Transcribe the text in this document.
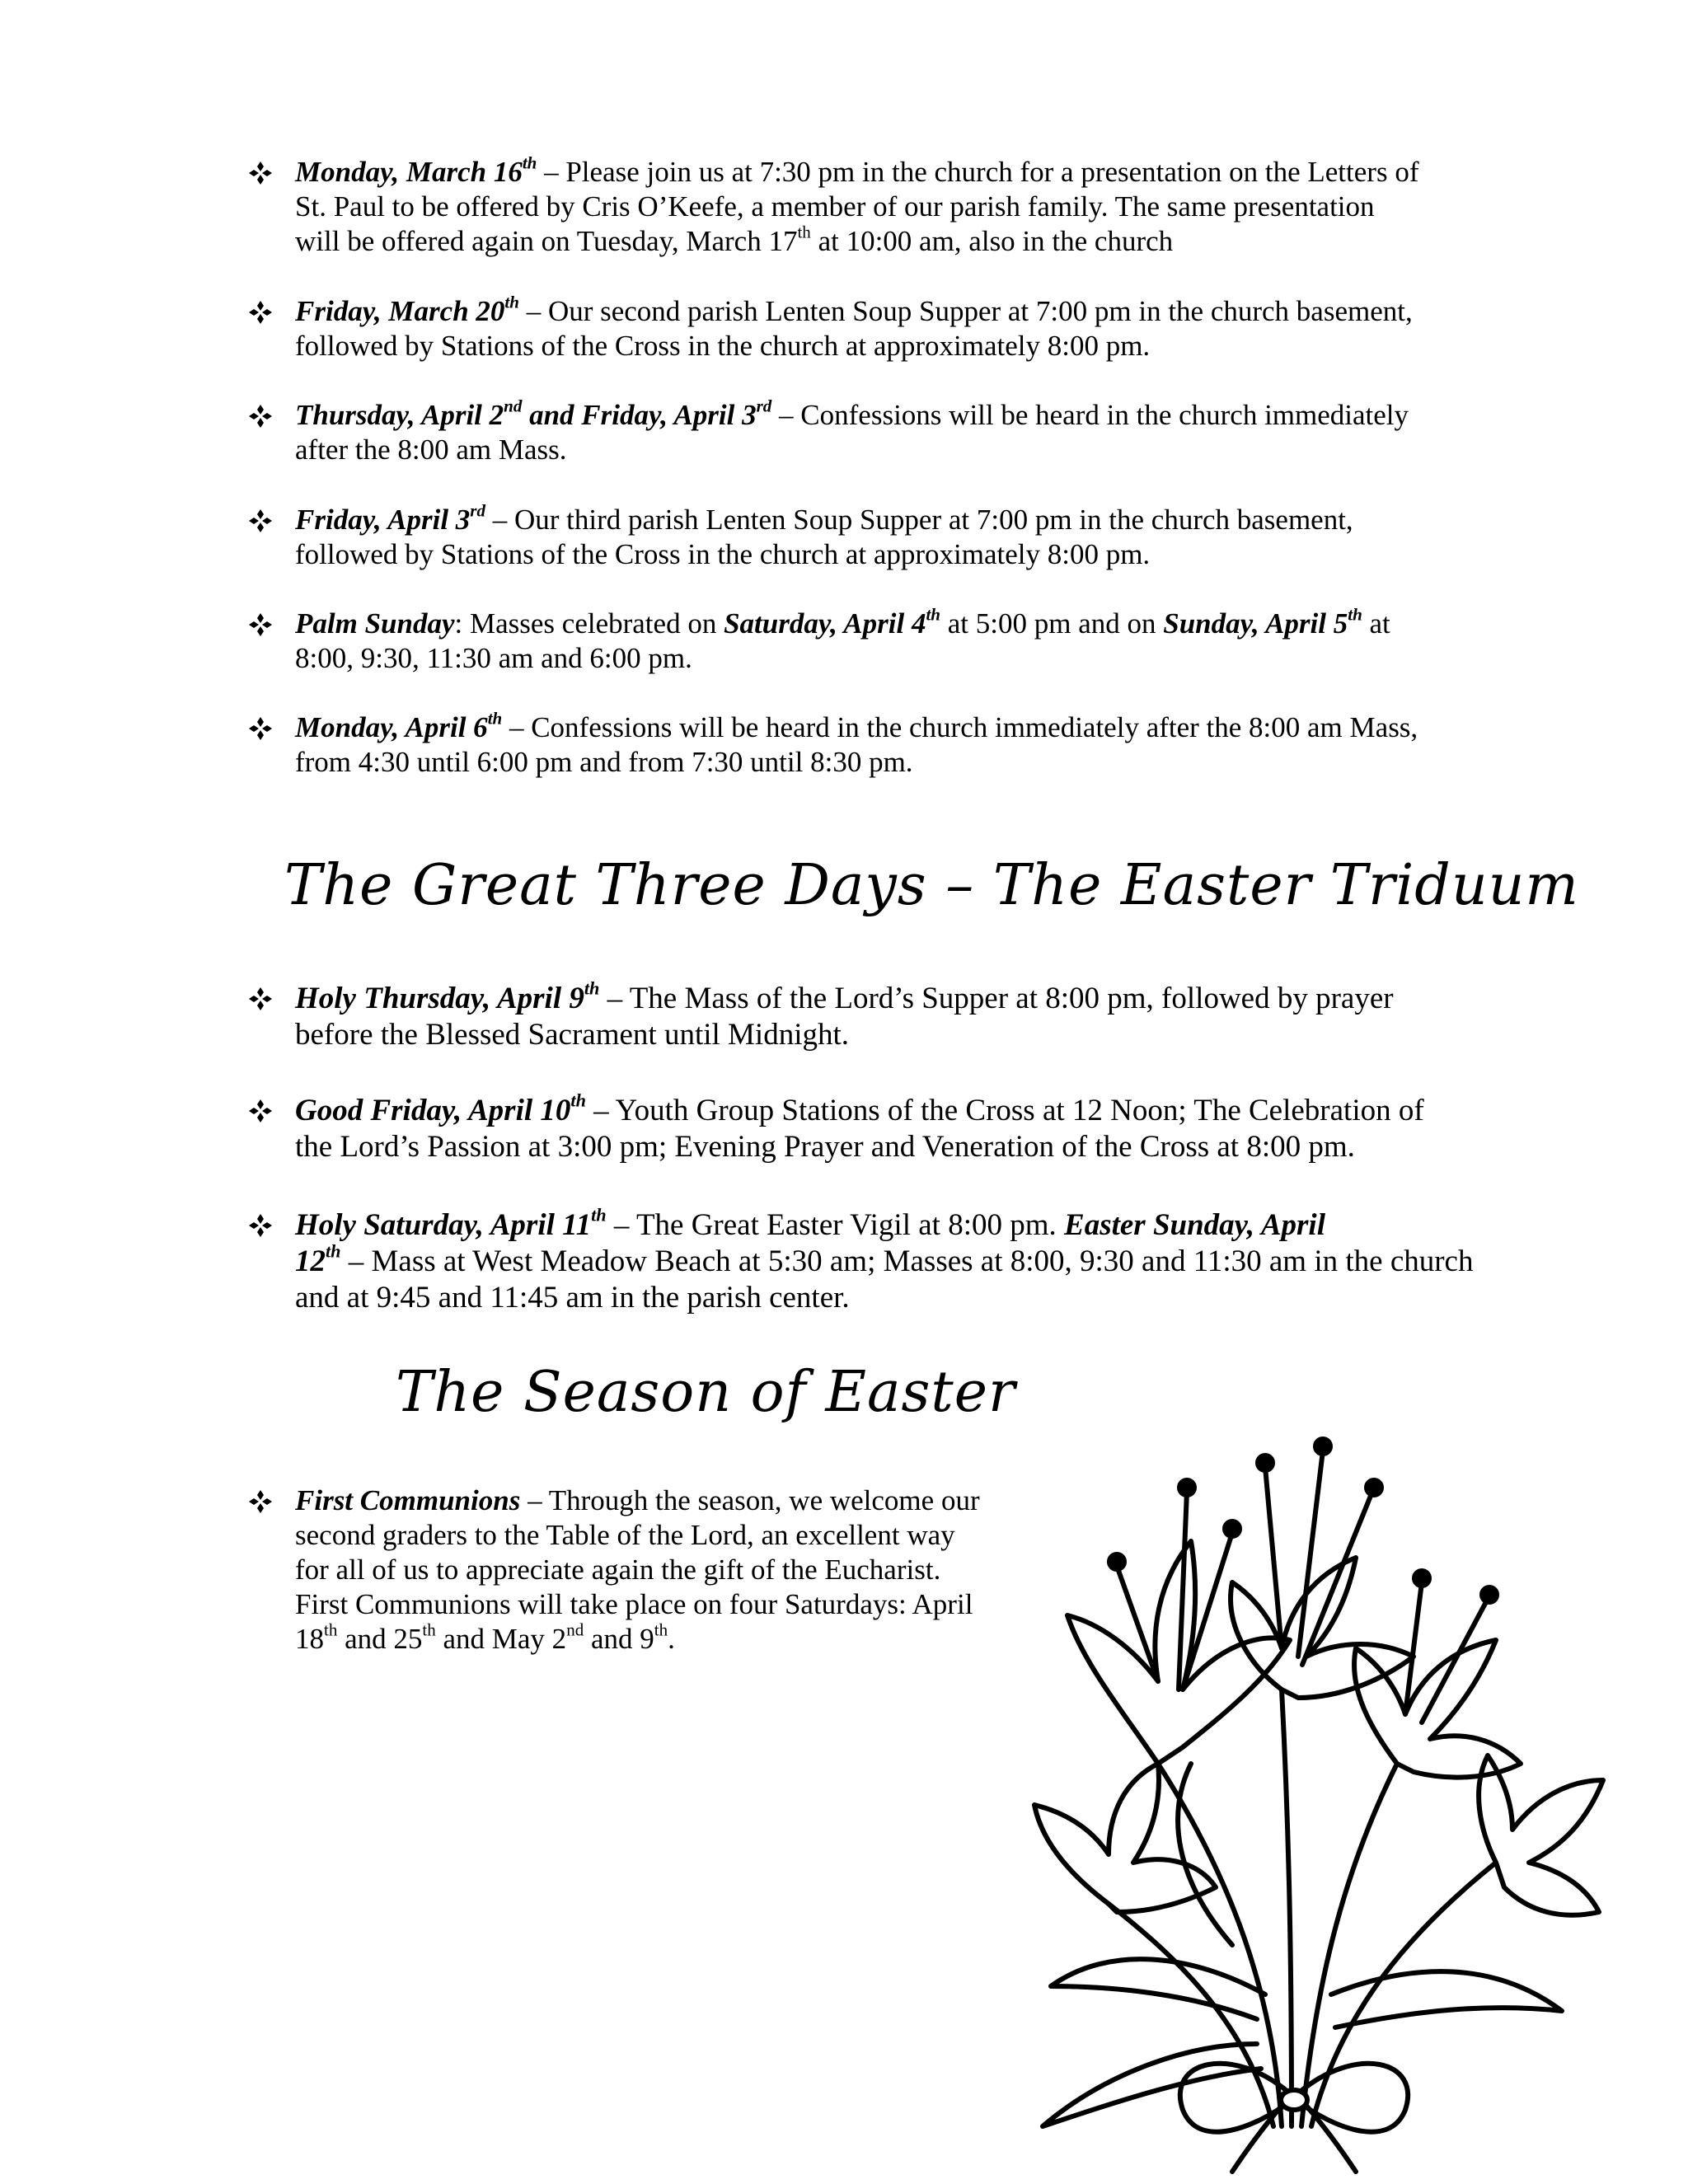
Monday, March 16th – Please join us at 7:30 pm in the church for a presentation on the Letters of
St. Paul to be offered by Cris O’Keefe, a member of our parish family. The same presentation
will be offered again on Tuesday, March 17th at 10:00 am, also in the church
Friday, March 20th – Our second parish Lenten Soup Supper at 7:00 pm in the church basement,
followed by Stations of the Cross in the church at approximately 8:00 pm.
Thursday, April 2nd and Friday, April 3rd – Confessions will be heard in the church immediately
after the 8:00 am Mass.
Friday, April 3rd – Our third parish Lenten Soup Supper at 7:00 pm in the church basement,
followed by Stations of the Cross in the church at approximately 8:00 pm.
Palm Sunday: Masses celebrated on Saturday, April 4th at 5:00 pm and on Sunday, April 5th at
8:00, 9:30, 11:30 am and 6:00 pm.
Monday, April 6th – Confessions will be heard in the church immediately after the 8:00 am Mass,
from 4:30 until 6:00 pm and from 7:30 until 8:30 pm.
The Great Three Days – The Easter Triduum
Holy Thursday, April 9th – The Mass of the Lord’s Supper at 8:00 pm, followed by prayer
before the Blessed Sacrament until Midnight.
Good Friday, April 10th – Youth Group Stations of the Cross at 12 Noon; The Celebration of
the Lord’s Passion at 3:00 pm; Evening Prayer and Veneration of the Cross at 8:00 pm.
Holy Saturday, April 11th – The Great Easter Vigil at 8:00 pm. Easter Sunday, April
12th – Mass at West Meadow Beach at 5:30 am; Masses at 8:00, 9:30 and 11:30 am in the church
and at 9:45 and 11:45 am in the parish center.
The Season of Easter
First Communions – Through the season, we welcome our
second graders to the Table of the Lord, an excellent way
for all of us to appreciate again the gift of the Eucharist.
First Communions will take place on four Saturdays: April
18th and 25th and May 2nd and 9th.
